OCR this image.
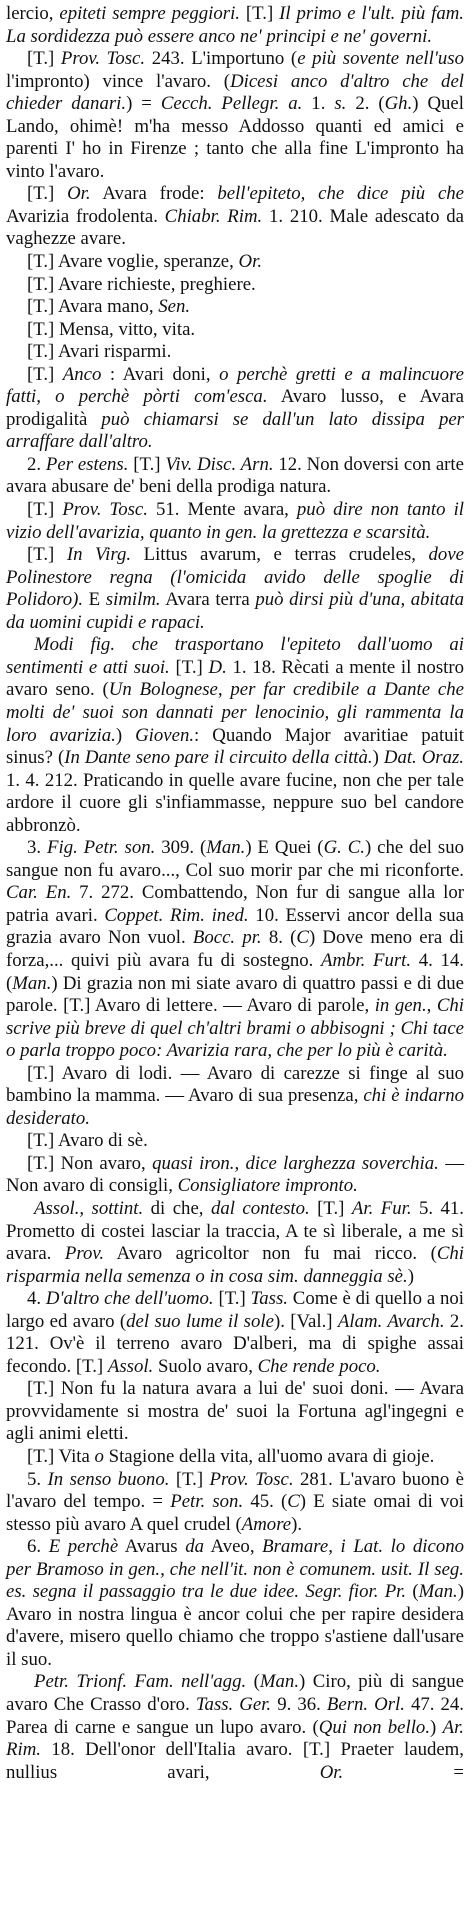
lercio, epiteti sempre peggiori. [T.] Il primo e l'ult. più fam. La sordidezza può essere anco ne' principi e ne' governi.

[T.] Prov. Tosc. 243. L'importuno (e più sovente nell'uso l'impronto) vince l'avaro. (Dicesi anco d'altro che del chieder danari.) = Cecch. Pellegr. a. 1. s. 2. (Gh.) Quel Lando, ohimè! m'ha messo Addosso quanti ed amici e parenti I' ho in Firenze ; tanto che alla fine L'impronto ha vinto l'avaro.

[T.] Or. Avara frode: bell'epiteto, che dice più che Avarizia frodolenta. Chiabr. Rim. 1. 210. Male adescato da vaghezze avare.

[T.] Avare voglie, speranze, Or.

[T.] Avare richieste, preghiere.

[T.] Avara mano, Sen.

[T.] Mensa, vitto, vita.

[T.] Avari risparmi.

[T.] Anco : Avari doni, o perchè gretti e a malincuore fatti, o perchè pòrti com'esca. Avaro lusso, e Avara prodigalità può chiamarsi se dall'un lato dissipa per arraffare dall'altro.

2. Per estens. [T.] Viv. Disc. Arn. 12. Non doversi con arte avara abusare de' beni della prodiga natura.

[T.] Prov. Tosc. 51. Mente avara, può dire non tanto il vizio dell'avarizia, quanto in gen. la grettezza e scarsità.

[T.] In Virg. Littus avarum, e terras crudeles, dove Polinestore regna (l'omicida avido delle spoglie di Polidoro). E similm. Avara terra può dirsi più d'una, abitata da uomini cupidi e rapaci.

Modi fig. che trasportano l'epiteto dall'uomo ai sentimenti e atti suoi. [T.] D. 1. 18. Rècati a mente il nostro avaro seno. (Un Bolognese, per far credibile a Dante che molti de' suoi son dannati per lenocinio, gli rammenta la loro avarizia.) Gioven.: Quando Major avaritiae patuit sinus? (In Dante seno pare il circuito della città.) Dat. Oraz. 1. 4. 212. Praticando in quelle avare fucine, non che per tale ardore il cuore gli s'infiammasse, neppure suo bel candore abbronzò.

3. Fig. Petr. son. 309. (Man.) E Quei (G. C.) che del suo sangue non fu avaro..., Col suo morir par che mi riconforte. Car. En. 7. 272. Combattendo, Non fur di sangue alla lor patria avari. Coppet. Rim. ined. 10. Esservi ancor della sua grazia avaro Non vuol. Bocc. pr. 8. (C) Dove meno era di forza,... quivi più avara fu di sostegno. Ambr. Furt. 4. 14. (Man.) Di grazia non mi siate avaro di quattro passi e di due parole. [T.] Avaro di lettere. — Avaro di parole, in gen., Chi scrive più breve di quel ch'altri brami o abbisogni ; Chi tace o parla troppo poco: Avarizia rara, che per lo più è carità.

[T.] Avaro di lodi. — Avaro di carezze si finge al suo bambino la mamma. — Avaro di sua presenza, chi è indarno desiderato.

[T.] Avaro di sè.

[T.] Non avaro, quasi iron., dice larghezza soverchia. — Non avaro di consigli, Consigliatore impronto.

Assol., sottint. di che, dal contesto. [T.] Ar. Fur. 5. 41. Prometto di costei lasciar la traccia, A te sì liberale, a me sì avara. Prov. Avaro agricoltor non fu mai ricco. (Chi risparmia nella semenza o in cosa sim. danneggia sè.)

4. D'altro che dell'uomo. [T.] Tass. Come è di quello a noi largo ed avaro (del suo lume il sole). [Val.] Alam. Avarch. 2. 121. Ov'è il terreno avaro D'alberi, ma di spighe assai fecondo. [T.] Assol. Suolo avaro, Che rende poco.

[T.] Non fu la natura avara a lui de' suoi doni. — Avara provvidamente si mostra de' suoi la Fortuna agl'ingegni e agli animi eletti.

[T.] Vita o Stagione della vita, all'uomo avara di gioje.

5. In senso buono. [T.] Prov. Tosc. 281. L'avaro buono è l'avaro del tempo. = Petr. son. 45. (C) E siate omai di voi stesso più avaro A quel crudel (Amore).

6. E perchè Avarus da Aveo, Bramare, i Lat. lo dicono per Bramoso in gen., che nell'it. non è comunem. usit. Il seg. es. segna il passaggio tra le due idee. Segr. fior. Pr. (Man.) Avaro in nostra lingua è ancor colui che per rapire desidera d'avere, misero quello chiamo che troppo s'astiene dall'usare il suo.

Petr. Trionf. Fam. nell'agg. (Man.) Ciro, più di sangue avaro Che Crasso d'oro. Tass. Ger. 9. 36. Bern. Orl. 47. 24. Parea di carne e sangue un lupo avaro. (Qui non bello.) Ar. Rim. 18. Dell'onor dell'Italia avaro. [T.] Praeter laudem, nullius avari, Or. =
